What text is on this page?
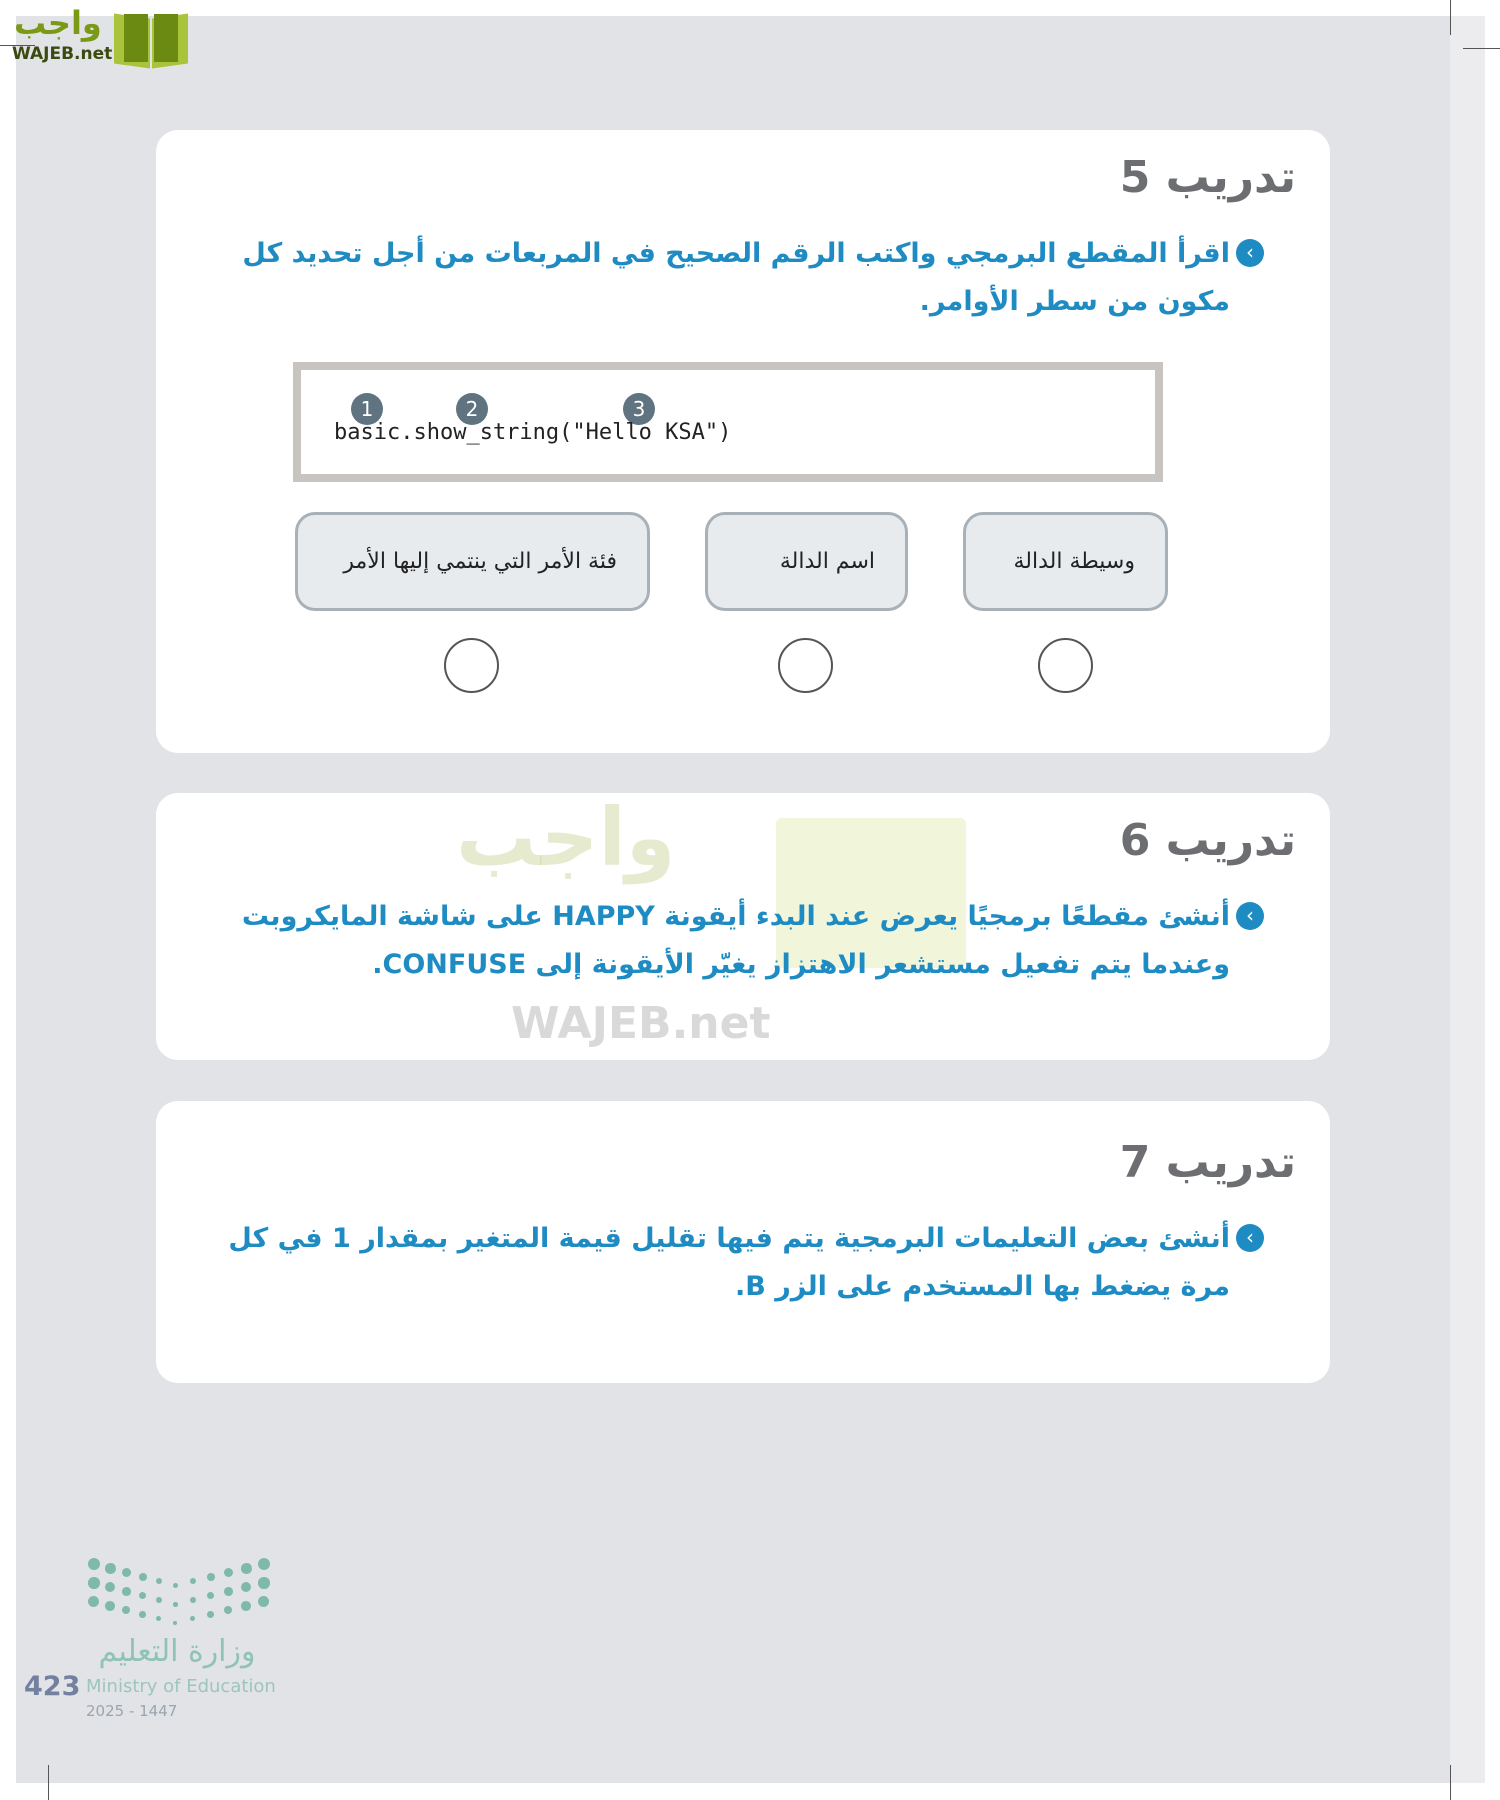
واجب
WAJEB.net
تدريب 5
‹
اقرأ المقطع البرمجي واكتب الرقم الصحيح في المربعات من أجل تحديد كل مكون من سطر الأوامر.
1	2	3
basic.show_string("Hello KSA")
وسيطة الدالة
اسم الدالة
فئة الأمر التي ينتمي إليها الأمر
واجب
WAJEB.net
تدريب 6
‹
أنشئ مقطعًا برمجيًا يعرض عند البدء أيقونة HAPPY على شاشة المايكروبت وعندما يتم تفعيل مستشعر الاهتزاز يغيّر الأيقونة إلى CONFUSE.
تدريب 7
‹
أنشئ بعض التعليمات البرمجية يتم فيها تقليل قيمة المتغير بمقدار 1 في كل مرة يضغط بها المستخدم على الزر B.
وزارة التعليم
Ministry of Education
2025 - 1447
423
